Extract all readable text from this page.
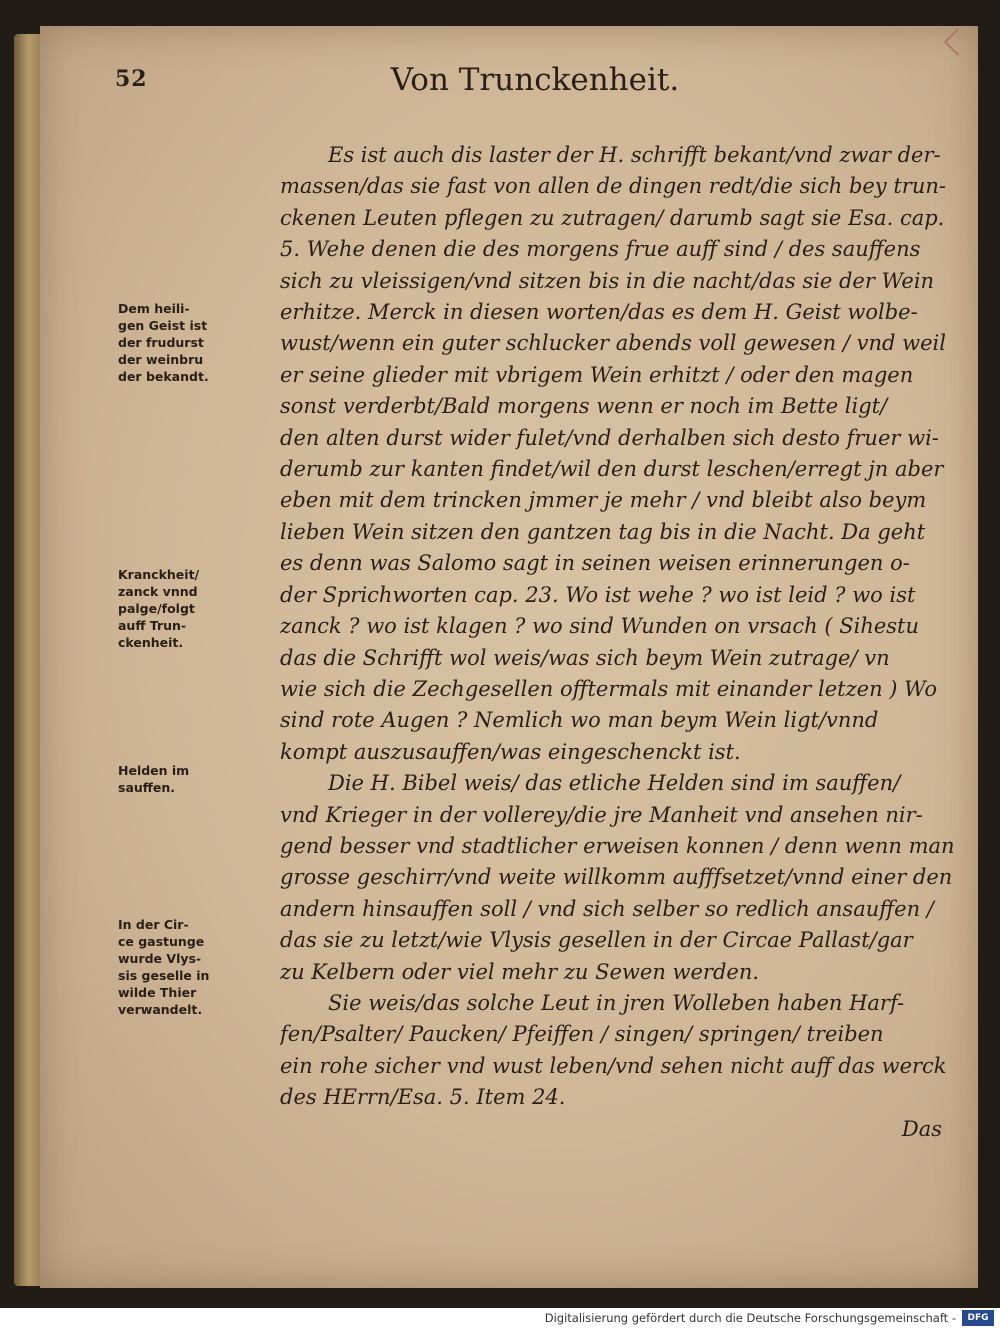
52	Von Trunckenheit.

Es ist auch dis laster der H. schrifft bekant/vnd zwar der-

massen/das sie fast von allen de dingen redt/die sich bey trun-

ckenen Leuten pflegen zu zutragen/ darumb sagt sie Esa. cap.

5. Wehe denen die des morgens frue auff sind / des sauffens

sich zu vleissigen/vnd sitzen bis in die nacht/das sie der Wein

erhitze. Merck in diesen worten/das es dem H. Geist wolbe-

wust/wenn ein guter schlucker abends voll gewesen / vnd weil

er seine glieder mit vbrigem Wein erhitzt / oder den magen

sonst verderbt/Bald morgens wenn er noch im Bette ligt/

den alten durst wider fulet/vnd derhalben sich desto fruer wi-

derumb zur kanten findet/wil den durst leschen/erregt jn aber

eben mit dem trincken jmmer je mehr / vnd bleibt also beym

lieben Wein sitzen den gantzen tag bis in die Nacht. Da geht

es denn was Salomo sagt in seinen weisen erinnerungen o-

der Sprichworten cap. 23. Wo ist wehe ? wo ist leid ? wo ist

zanck ? wo ist klagen ? wo sind Wunden on vrsach ( Sihestu

das die Schrifft wol weis/was sich beym Wein zutrage/ vn

wie sich die Zechgesellen offtermals mit einander letzen ) Wo

sind rote Augen ? Nemlich wo man beym Wein ligt/vnnd

kompt auszusauffen/was eingeschenckt ist.

Die H. Bibel weis/ das etliche Helden sind im sauffen/

vnd Krieger in der vollerey/die jre Manheit vnd ansehen nir-

gend besser vnd stadtlicher erweisen konnen / denn wenn man

grosse geschirr/vnd weite willkomm aufffsetzet/vnnd einer den

andern hinsauffen soll / vnd sich selber so redlich ansauffen /

das sie zu letzt/wie Vlysis gesellen in der Circae Pallast/gar

zu Kelbern oder viel mehr zu Sewen werden.

Sie weis/das solche Leut in jren Wolleben haben Harf-

fen/Psalter/ Paucken/ Pfeiffen / singen/ springen/ treiben

ein rohe sicher vnd wust leben/vnd sehen nicht auff das werck

des HErrn/Esa. 5. Item 24.

Das

Dem heili-
gen Geist ist
der frudurst
der weinbru
der bekandt.
Kranckheit/
zanck vnnd
palge/folgt
auff Trun-
ckenheit.
Helden im
sauffen.
In der Cir-
ce gastunge
wurde Vlys-
sis geselle in
wilde Thier
verwandelt.
Digitalisierung gefördert durch die Deutsche Forschungsgemeinschaft -	DFG
